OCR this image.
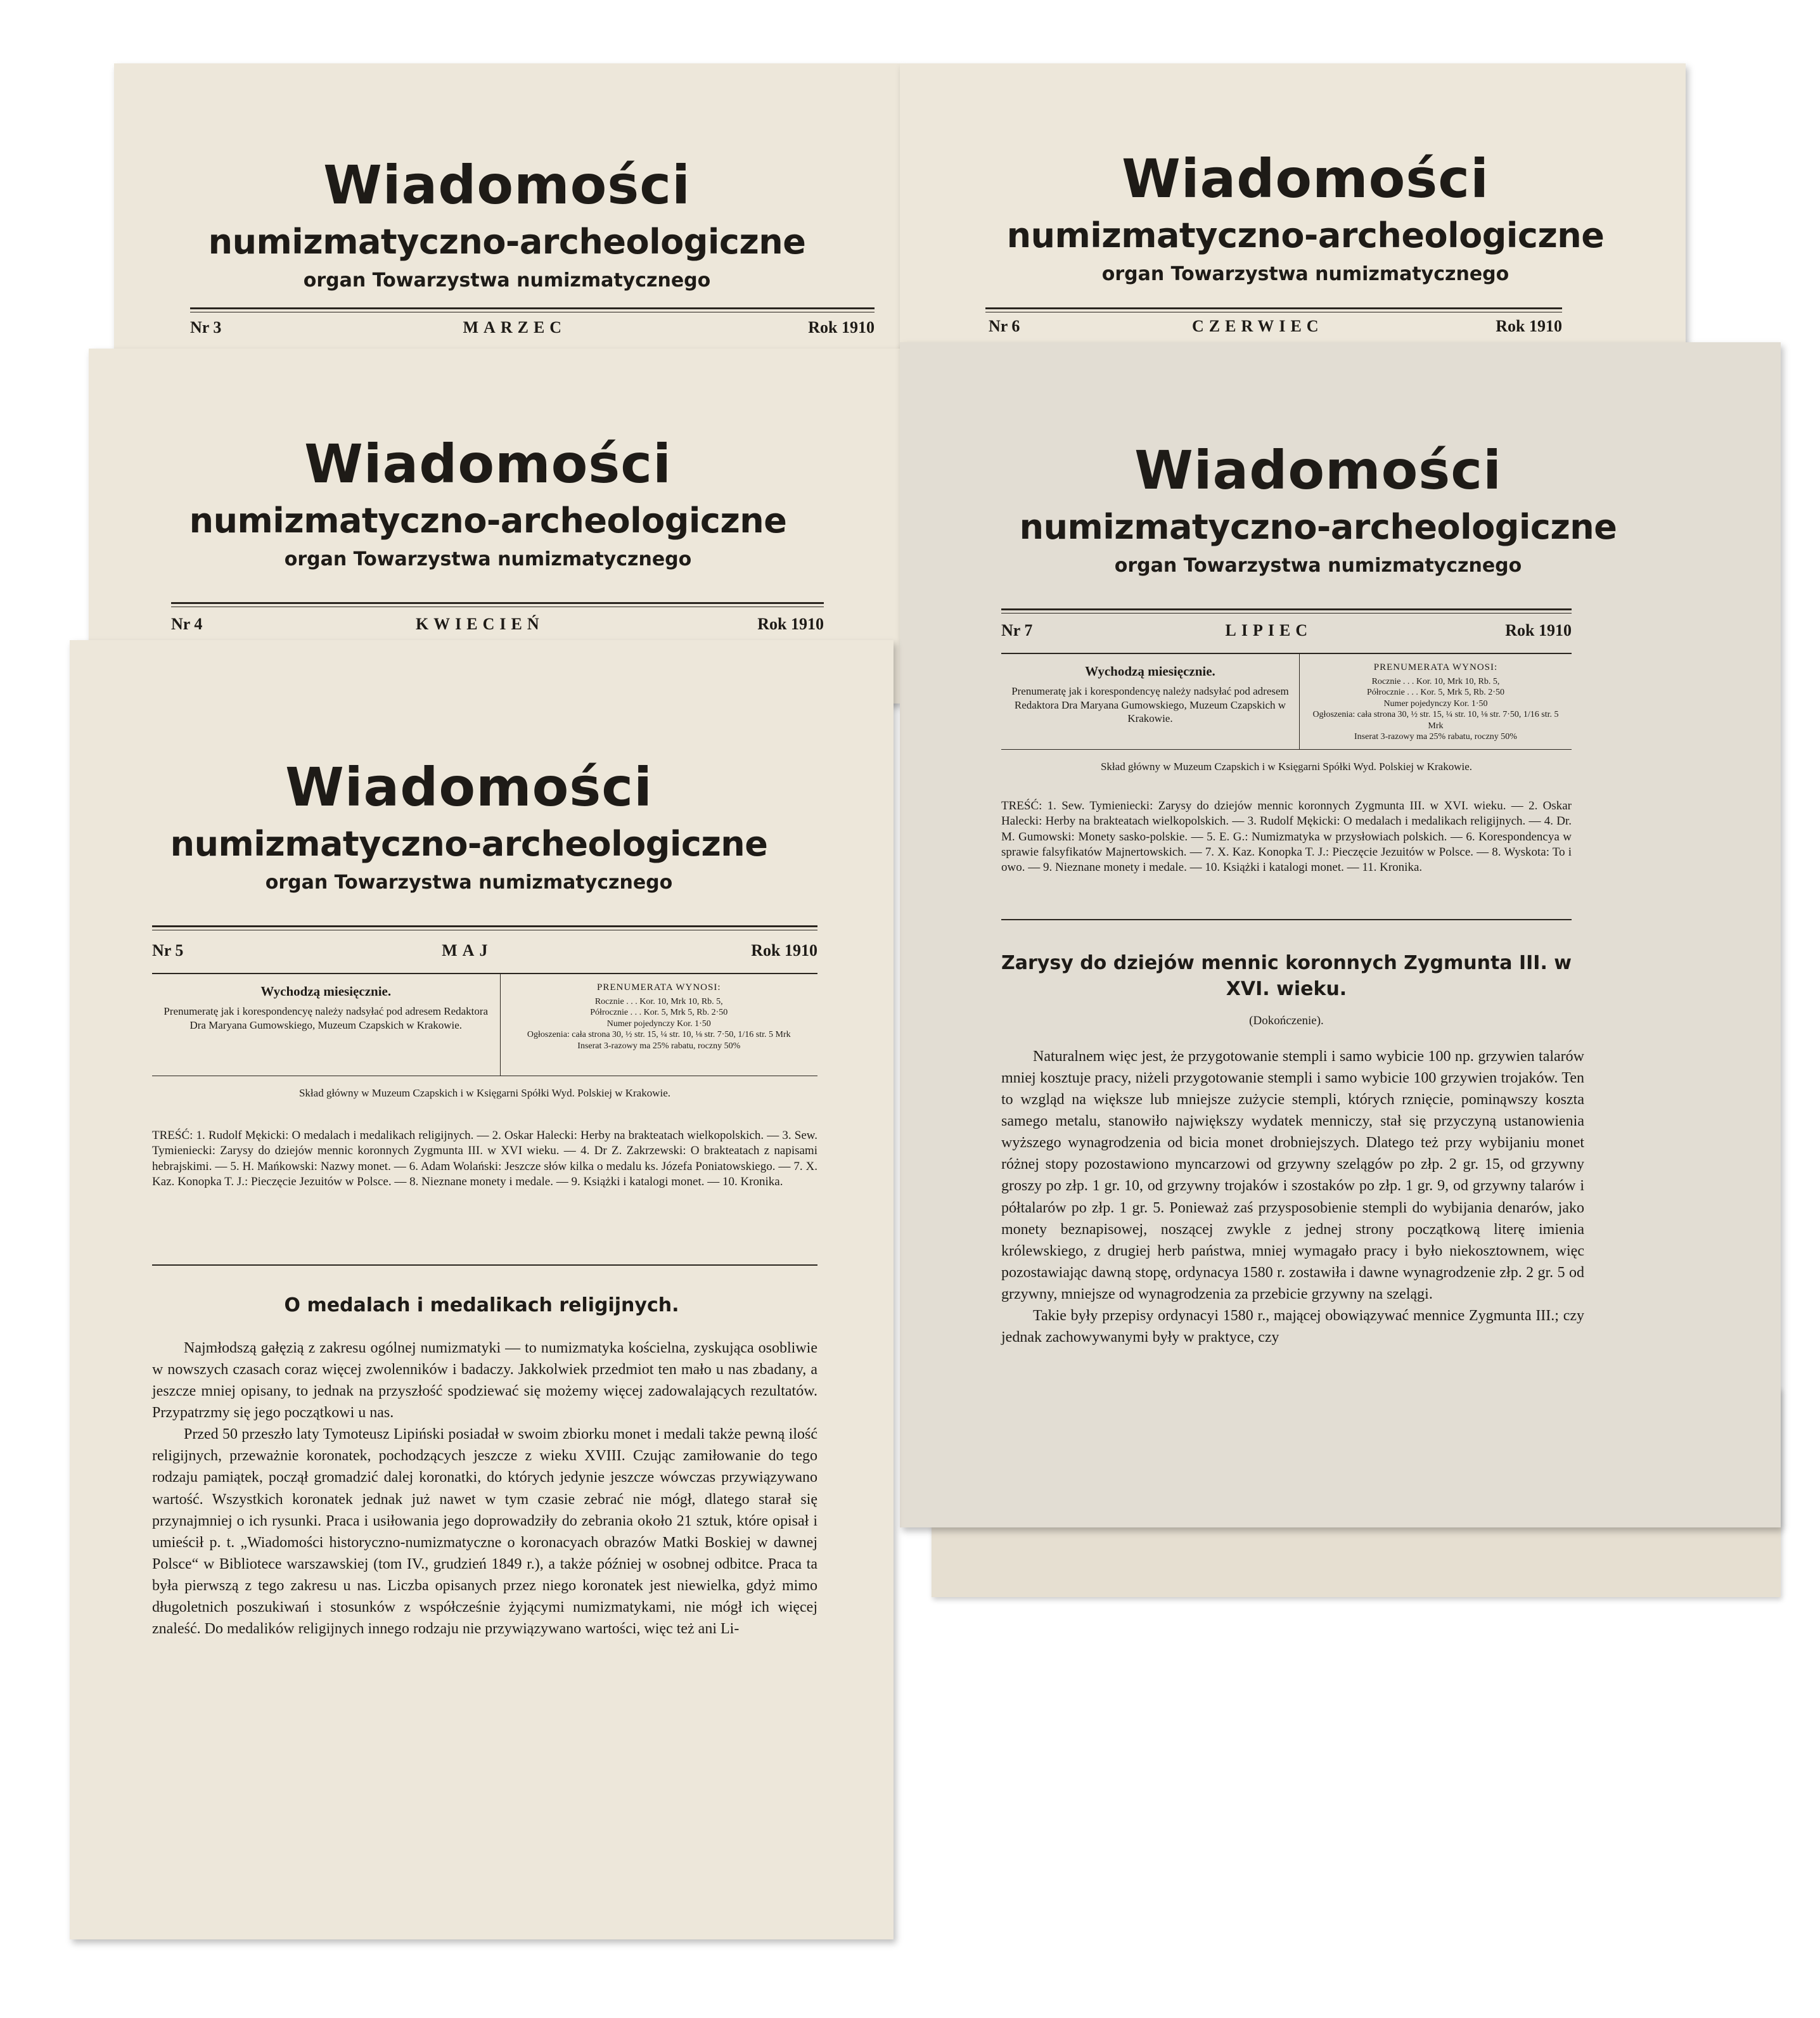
Wiadomości
numizmatyczno-archeologiczne
organ Towarzystwa numizmatycznego
Nr 3	MARZEC	Rok 1910
Wiadomości
numizmatyczno-archeologiczne
organ Towarzystwa numizmatycznego
Nr 6	CZERWIEC	Rok 1910
Wiadomości
numizmatyczno-archeologiczne
organ Towarzystwa numizmatycznego
Nr 4	KWIECIEŃ	Rok 1910
Wiadomości
numizmatyczno-archeologiczne
organ Towarzystwa numizmatycznego
Nr 7	LIPIEC	Rok 1910
Wychodzą miesięcznie.
Prenumeratę jak i korespondencyę należy nadsyłać pod adresem Redaktora Dra Maryana Gumowskiego, Muzeum Czapskich w Krakowie.
PRENUMERATA WYNOSI:
Rocznie . . . Kor. 10, Mrk 10, Rb. 5,
Półrocznie . . . Kor. 5, Mrk 5, Rb. 2·50
Numer pojedynczy Kor. 1·50
Ogłoszenia: cała strona 30, ½ str. 15, ¼ str. 10, ⅛ str. 7·50, 1/16 str. 5 Mrk
Inserat 3-razowy ma 25% rabatu, roczny 50%
Skład główny w Muzeum Czapskich i w Księgarni Spółki Wyd. Polskiej w Krakowie.
TREŚĆ: 1. Sew. Tymieniecki: Zarysy do dziejów mennic koronnych Zygmunta III. w XVI. wieku. — 2. Oskar Halecki: Herby na brakteatach wielkopolskich. — 3. Rudolf Mękicki: O medalach i medalikach religijnych. — 4. Dr. M. Gumowski: Monety sasko-polskie. — 5. E. G.: Numizmatyka w przysłowiach polskich. — 6. Korespondencya w sprawie falsyfikatów Majnertowskich. — 7. X. Kaz. Konopka T. J.: Pieczęcie Jezuitów w Polsce. — 8. Wyskota: To i owo. — 9. Nieznane monety i medale. — 10. Książki i katalogi monet. — 11. Kronika.
Zarysy do dziejów mennic koronnych Zygmunta III. w XVI. wieku.
(Dokończenie).

Naturalnem więc jest, że przygotowanie stempli i samo wybicie 100 np. grzywien talarów mniej kosztuje pracy, niżeli przygotowanie stempli i samo wybicie 100 grzywien trojaków. Ten to wzgląd na większe lub mniejsze zużycie stempli, których rznięcie, pominąwszy koszta samego metalu, stanowiło największy wydatek menniczy, stał się przyczyną ustanowienia wyższego wynagrodzenia od bicia monet drobniejszych. Dlatego też przy wybijaniu monet różnej stopy pozostawiono myncarzowi od grzywny szelągów po złp. 2 gr. 15, od grzywny groszy po złp. 1 gr. 10, od grzywny trojaków i szostaków po złp. 1 gr. 9, od grzywny talarów i półtalarów po złp. 1 gr. 5. Ponieważ zaś przysposobienie stempli do wybijania denarów, jako monety beznapisowej, noszącej zwykle z jednej strony początkową literę imienia królewskiego, z drugiej herb państwa, mniej wymagało pracy i było niekosztownem, więc pozostawiając dawną stopę, ordynacya 1580 r. zostawiła i dawne wynagrodzenie złp. 2 gr. 5 od grzywny, mniejsze od wynagrodzenia za przebicie grzywny na szelągi.

Takie były przepisy ordynacyi 1580 r., mającej obowiązywać mennice Zygmunta III.; czy jednak zachowywanymi były w praktyce, czy

Wiadomości
numizmatyczno-archeologiczne
organ Towarzystwa numizmatycznego
Nr 5	MAJ	Rok 1910
Wychodzą miesięcznie.
Prenumeratę jak i korespondencyę należy nadsyłać pod adresem Redaktora Dra Maryana Gumowskiego, Muzeum Czapskich w Krakowie.
PRENUMERATA WYNOSI:
Rocznie . . . Kor. 10, Mrk 10, Rb. 5,
Półrocznie . . . Kor. 5, Mrk 5, Rb. 2·50
Numer pojedynczy Kor. 1·50
Ogłoszenia: cała strona 30, ½ str. 15, ¼ str. 10, ⅛ str. 7·50, 1/16 str. 5 Mrk
Inserat 3-razowy ma 25% rabatu, roczny 50%
Skład główny w Muzeum Czapskich i w Księgarni Spółki Wyd. Polskiej w Krakowie.
TREŚĆ: 1. Rudolf Mękicki: O medalach i medalikach religijnych. — 2. Oskar Halecki: Herby na brakteatach wielkopolskich. — 3. Sew. Tymieniecki: Zarysy do dziejów mennic koronnych Zygmunta III. w XVI wieku. — 4. Dr Z. Zakrzewski: O brakteatach z napisami hebrajskimi. — 5. H. Mańkowski: Nazwy monet. — 6. Adam Wolański: Jeszcze słów kilka o medalu ks. Józefa Poniatowskiego. — 7. X. Kaz. Konopka T. J.: Pieczęcie Jezuitów w Polsce. — 8. Nieznane monety i medale. — 9. Książki i katalogi monet. — 10. Kronika.
O medalach i medalikach religijnych.

Najmłodszą gałęzią z zakresu ogólnej numizmatyki — to numizmatyka kościelna, zyskująca osobliwie w nowszych czasach coraz więcej zwolenników i badaczy. Jakkolwiek przedmiot ten mało u nas zbadany, a jeszcze mniej opisany, to jednak na przyszłość spodziewać się możemy więcej zadowalających rezultatów. Przypatrzmy się jego początkowi u nas.

Przed 50 przeszło laty Tymoteusz Lipiński posiadał w swoim zbiorku monet i medali także pewną ilość religijnych, przeważnie koronatek, pochodzących jeszcze z wieku XVIII. Czując zamiłowanie do tego rodzaju pamiątek, począł gromadzić dalej koronatki, do których jedynie jeszcze wówczas przywiązywano wartość. Wszystkich koronatek jednak już nawet w tym czasie zebrać nie mógł, dlatego starał się przynajmniej o ich rysunki. Praca i usiłowania jego doprowadziły do zebrania około 21 sztuk, które opisał i umieścił p. t. „Wiadomości historyczno-numizmatyczne o koronacyach obrazów Matki Boskiej w dawnej Polsce“ w Bibliotece warszawskiej (tom IV., grudzień 1849 r.), a także później w osobnej odbitce. Praca ta była pierwszą z tego zakresu u nas. Liczba opisanych przez niego koronatek jest niewielka, gdyż mimo długoletnich poszukiwań i stosunków z współcześnie żyjącymi numizmatykami, nie mógł ich więcej znaleść. Do medalików religijnych innego rodzaju nie przywiązywano wartości, więc też ani Li-
